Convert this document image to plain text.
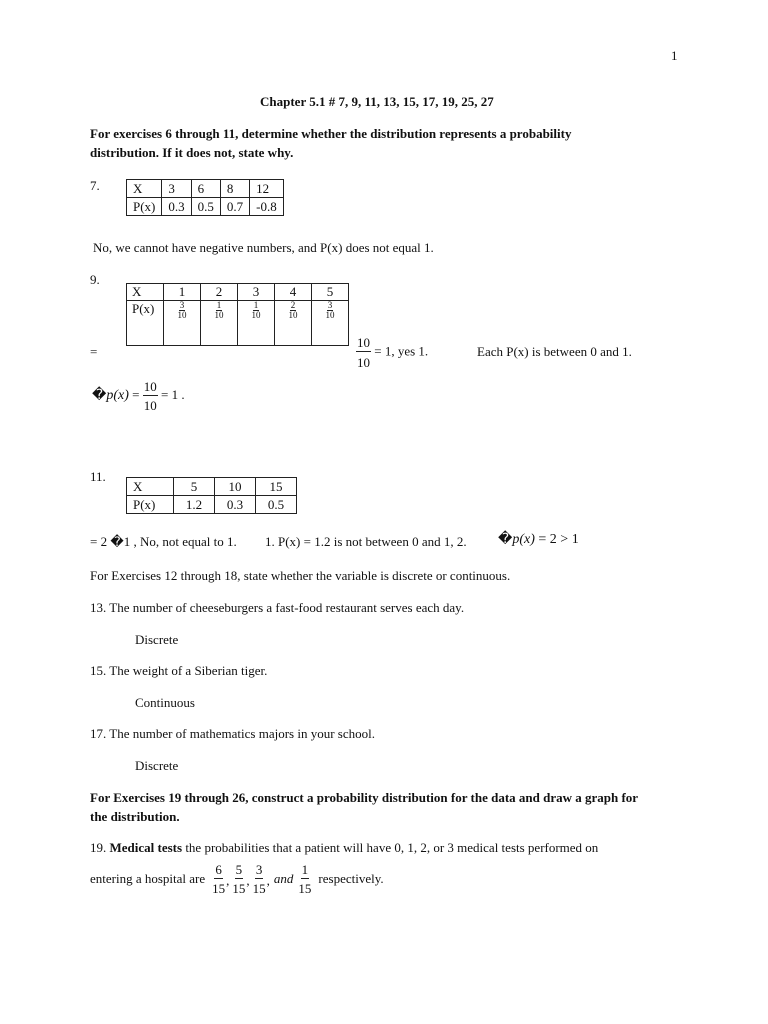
1
Chapter 5.1 # 7, 9, 11, 13, 15, 17, 19, 25, 27
For exercises 6 through 11, determine whether the distribution represents a probability
distribution. If it does not, state why.
7.	X	3	6	8	12
P(x)	0.3	0.5	0.7	-0.8
No, we cannot have negative numbers, and P(x) does not equal 1.
9.
X	1	2	3	4	5
P(x)	$\frac{3}{10}$	$\frac{1}{10}$	$\frac{1}{10}$	$\frac{2}{10}$	$\frac{3}{10}$
=	$\frac{10}{10} = 1$, yes 1.	Each P(x) is between 0 and 1.
�p(x) = $\frac{10}{10} = 1$ .
11.
X	5	10	15
P(x)	1.2	0.3	0.5
= 2 �1 , No, not equal to 1. 1. P(x) = 1.2 is not between 0 and 1, 2. �p(x) = 2 > 1
For Exercises 12 through 18, state whether the variable is discrete or continuous.
13. The number of cheeseburgers a fast-food restaurant serves each day.
Discrete
15. The weight of a Siberian tiger.
Continuous
17. The number of mathematics majors in your school.
Discrete
For Exercises 19 through 26, construct a probability distribution for the data and draw a graph for
the distribution.
19. Medical tests the probabilities that a patient will have 0, 1, 2, or 3 medical tests performed on
entering a hospital are $\frac{6}{15}$ , $\frac{5}{15}$ , $\frac{3}{15}$ , and $\frac{1}{15}$ respectively.
